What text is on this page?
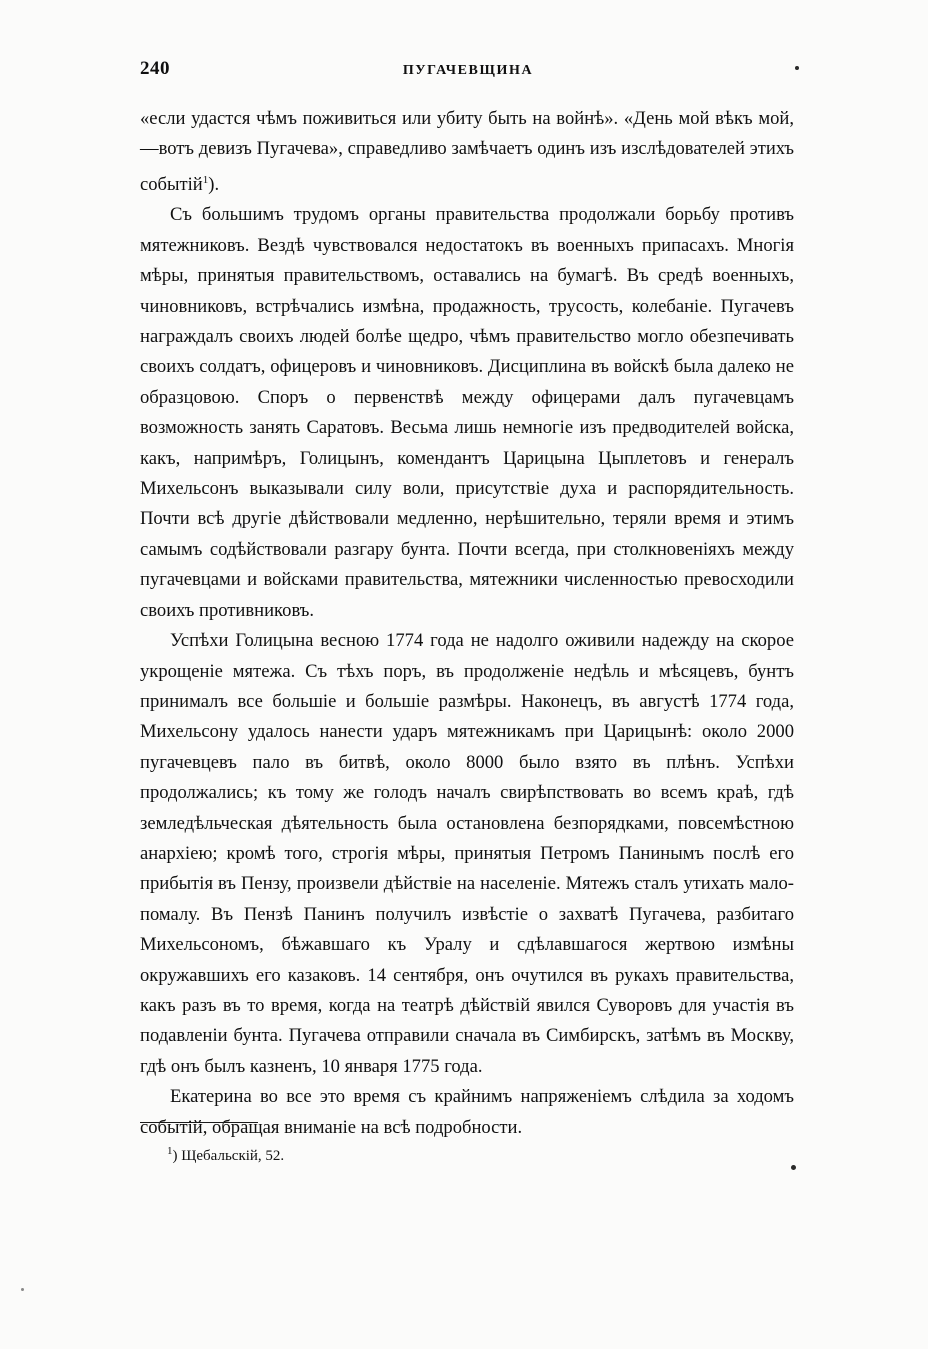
240	ПУГАЧЕВЩИНА

«если удастся чѣмъ поживиться или убиту быть на войнѣ». «День мой вѣкъ мой,—вотъ девизъ Пугачева», справедливо замѣчаетъ одинъ изъ изслѣдователей этихъ событій$^1$).

Съ большимъ трудомъ органы правительства продолжали борьбу противъ мятежниковъ. Вездѣ чувствовался недостатокъ въ военныхъ припасахъ. Многія мѣры, принятыя правительствомъ, оставались на бумагѣ. Въ средѣ военныхъ, чиновниковъ, встрѣчались измѣна, продажность, трусость, колебаніе. Пугачевъ награждалъ своихъ людей болѣе щедро, чѣмъ правительство могло обезпечивать своихъ солдатъ, офицеровъ и чиновниковъ. Дисциплина въ войскѣ была далеко не образцовою. Споръ о первенствѣ между офицерами далъ пугачевцамъ возможность занять Саратовъ. Весьма лишь немногіе изъ предводителей войска, какъ, напримѣръ, Голицынъ, комендантъ Царицына Цыплетовъ и генералъ Михельсонъ выказывали силу воли, присутствіе духа и распорядительность. Почти всѣ другіе дѣйствовали медленно, нерѣшительно, теряли время и этимъ самымъ содѣйствовали разгару бунта. Почти всегда, при столкновеніяхъ между пугачевцами и войсками правительства, мятежники численностью превосходили своихъ противниковъ.

Успѣхи Голицына весною 1774 года не надолго оживили надежду на скорое укрощеніе мятежа. Съ тѣхъ поръ, въ продолженіе недѣль и мѣсяцевъ, бунтъ принималъ все большіе и большіе размѣры. Наконецъ, въ августѣ 1774 года, Михельсону удалось нанести ударъ мятежникамъ при Царицынѣ: около 2000 пугачевцевъ пало въ битвѣ, около 8000 было взято въ плѣнъ. Успѣхи продолжались; къ тому же голодъ началъ свирѣпствовать во всемъ краѣ, гдѣ земледѣльческая дѣятельность была остановлена безпорядками, повсемѣстною анархіею; кромѣ того, строгія мѣры, принятыя Петромъ Панинымъ послѣ его прибытія въ Пензу, произвели дѣйствіе на населеніе. Мятежъ сталъ утихать мало-помалу. Въ Пензѣ Панинъ получилъ извѣстіе о захватѣ Пугачева, разбитаго Михельсономъ, бѣжавшаго къ Уралу и сдѣлавшагося жертвою измѣны окружавшихъ его казаковъ. 14 сентября, онъ очутился въ рукахъ правительства, какъ разъ въ то время, когда на театрѣ дѣйствій явился Суворовъ для участія въ подавленіи бунта. Пугачева отправили сначала въ Симбирскъ, затѣмъ въ Москву, гдѣ онъ былъ казненъ, 10 января 1775 года.

Екатерина во все это время съ крайнимъ напряженіемъ слѣдила за ходомъ событій, обращая вниманіе на всѣ подробности.

$^1$) Щебальскій, 52.
